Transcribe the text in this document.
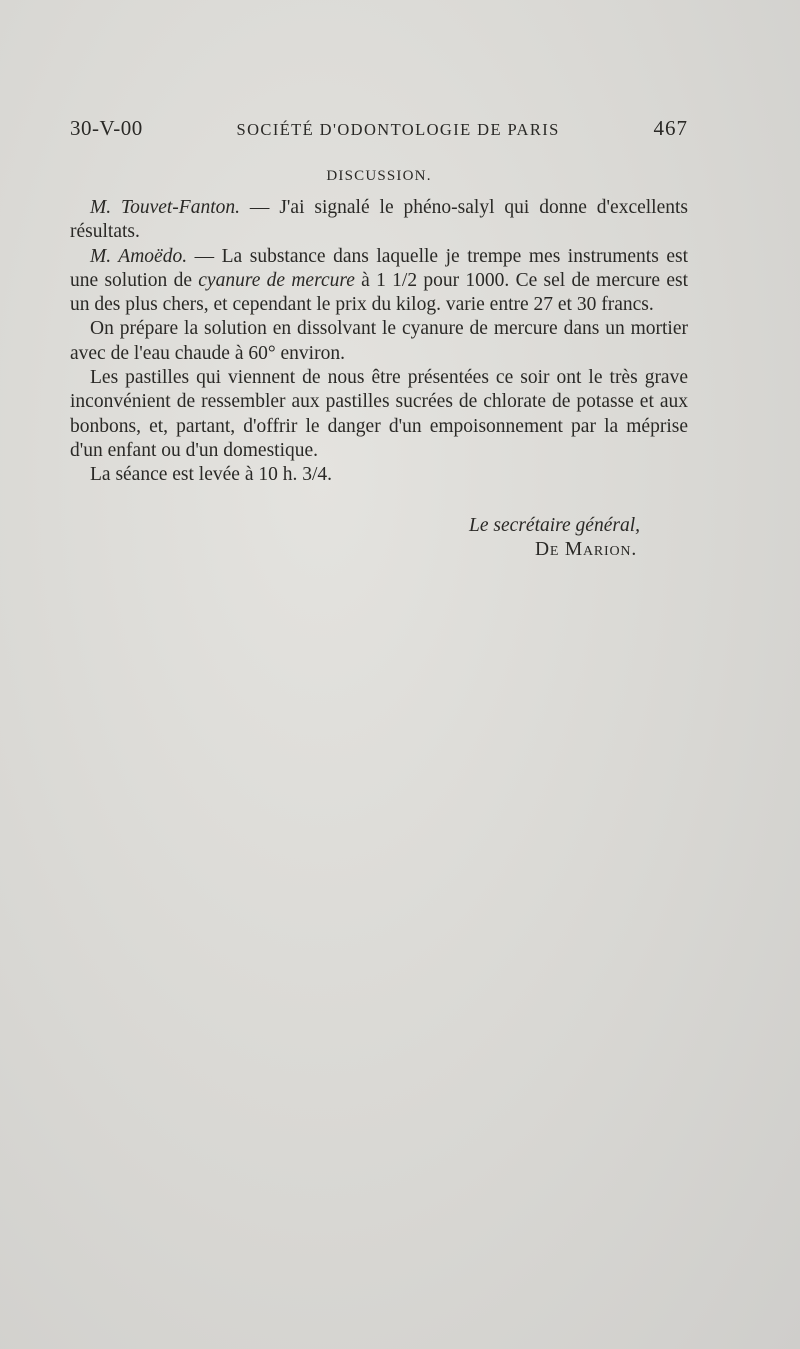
30-V-00	SOCIÉTÉ D'ODONTOLOGIE DE PARIS	467
DISCUSSION.

M. Touvet-Fanton. — J'ai signalé le phéno-salyl qui donne d'excellents résultats.

M. Amoëdo. — La substance dans laquelle je trempe mes instruments est une solution de cyanure de mercure à 1 1/2 pour 1000. Ce sel de mercure est un des plus chers, et cependant le prix du kilog. varie entre 27 et 30 francs.

On prépare la solution en dissolvant le cyanure de mercure dans un mortier avec de l'eau chaude à 60° environ.

Les pastilles qui viennent de nous être présentées ce soir ont le très grave inconvénient de ressembler aux pastilles sucrées de chlorate de potasse et aux bonbons, et, partant, d'offrir le danger d'un empoisonnement par la méprise d'un enfant ou d'un domestique.

La séance est levée à 10 h. 3/4.

Le secrétaire général,
De Marion.
